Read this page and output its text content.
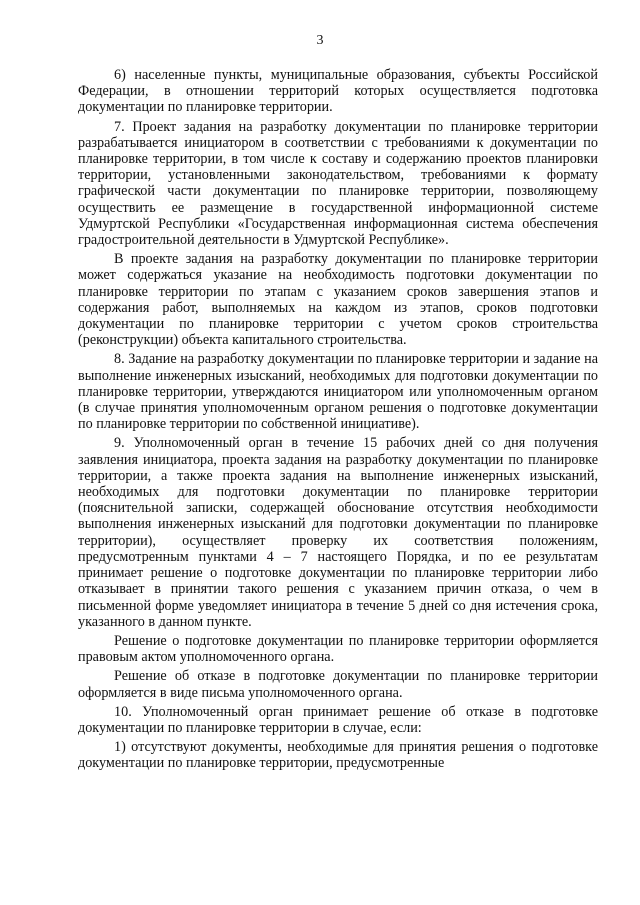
3

6) населенные пункты, муниципальные образования, субъекты Российской Федерации, в отношении территорий которых осуществляется подготовка документации по планировке территории.

7. Проект задания на разработку документации по планировке территории разрабатывается инициатором в соответствии с требованиями к документации по планировке территории, в том числе к составу и содержанию проектов планировки территории, установленными законодательством, требованиями к формату графической части документации по планировке территории, позволяющему осуществить ее размещение в государственной информационной системе Удмуртской Республики «Государственная информационная система обеспечения градостроительной деятельности в Удмуртской Республике».

В проекте задания на разработку документации по планировке территории может содержаться указание на необходимость подготовки документации по планировке территории по этапам с указанием сроков завершения этапов и содержания работ, выполняемых на каждом из этапов, сроков подготовки документации по планировке территории с учетом сроков строительства (реконструкции) объекта капитального строительства.

8. Задание на разработку документации по планировке территории и задание на выполнение инженерных изысканий, необходимых для подготовки документации по планировке территории, утверждаются инициатором или уполномоченным органом (в случае принятия уполномоченным органом решения о подготовке документации по планировке территории по собственной инициативе).

9. Уполномоченный орган в течение 15 рабочих дней со дня получения заявления инициатора, проекта задания на разработку документации по планировке территории, а также проекта задания на выполнение инженерных изысканий, необходимых для подготовки документации по планировке территории (пояснительной записки, содержащей обоснование отсутствия необходимости выполнения инженерных изысканий для подготовки документации по планировке территории), осуществляет проверку их соответствия положениям, предусмотренным пунктами 4 – 7 настоящего Порядка, и по ее результатам принимает решение о подготовке документации по планировке территории либо отказывает в принятии такого решения с указанием причин отказа, о чем в письменной форме уведомляет инициатора в течение 5 дней со дня истечения срока, указанного в данном пункте.

Решение о подготовке документации по планировке территории оформляется правовым актом уполномоченного органа.

Решение об отказе в подготовке документации по планировке территории оформляется в виде письма уполномоченного органа.

10. Уполномоченный орган принимает решение об отказе в подготовке документации по планировке территории в случае, если:

1) отсутствуют документы, необходимые для принятия решения о подготовке документации по планировке территории, предусмотренные
